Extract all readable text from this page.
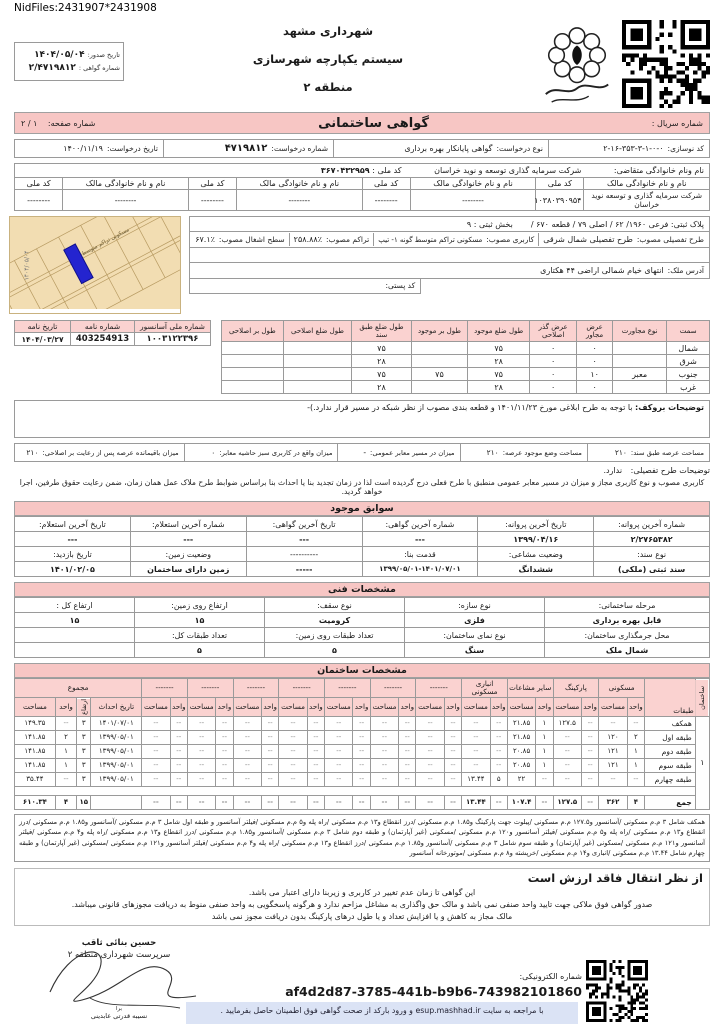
NidFiles:2431907*2431908
شهرداری مشهد
سیستم یکپارچه شهرسازی
منطقه ۲
تاریخ صدور:
۱۴۰۴/۰۵/۰۴
شماره گواهی :
۲/۴۷۱۹۸۱۲
شماره سریال :
گواهی ساختمانی
شماره صفحه: ۱ / ۲
کد نوسازی:
۲-۱۶-۳۵۳-۳-۱-۰-۰
نوع درخواست:
گواهی پایانکار بهره برداری
شماره درخواست:
۴۷۱۹۸۱۲
تاریخ درخواست:
۱۴۰۰/۱۱/۱۹
نام ونام خانوادگی متقاضی: شرکت سرمایه گذاری توسعه و نوید خراسان کد ملی : ۳۶۷۰۴۳۲۹۵۹							
نام و نام خانوادگی مالک	کد ملی	نام و نام خانوادگی مالک	کد ملی	نام و نام خانوادگی مالک	کد ملی	نام و نام خانوادگی مالک	کد ملی
شرکت سرمایه گذاری و توسعه نوید خراسان	۱۰۳۸۰۳۹۰۹۵۴	--------	--------	--------	--------	--------	--------
۱۴۰۴/۰۵/۰۴
پلاک ثبتی: فرعی ۱۹۶۰/ ۶۲ / اصلی ۷۹ / قطعه ۶۷۰ /
بخش ثبتی : ۹
طرح تفصیلی مصوب:
طرح تفصیلی شمال شرقی
کاربری مصوب:
مسکونی تراکم متوسط گونه ۱- تیپ
تراکم مصوب:
۲۵۸.۸۸٪
سطح اشغال مصوب:
۶۷.۱٪
آدرس ملک:
انتهای خیام شمالی اراضی ۴۴ هکتاری
کد پستی:
مسکونی تراکم متوسط
سمت	نوع مجاورت	عرض مجاور	عرض گذر اصلاحی	طول ضلع موجود	طول بر موجود	طول ضلع طبق سند	طول ضلع اصلاحی	طول بر اصلاحی
شمال		۰	۰	۷۵		۷۵		
شرق		۰	۰	۲۸		۲۸		
جنوب	معبر	۱۰	۰	۷۵	۷۵	۷۵		
غرب		۰	۰	۲۸		۲۸		
شماره ملی آسانسور	شماره نامه	تاریخ نامه
۱۰۰۳۱۲۲۳۹۶	403254913	۱۴۰۴/۰۳/۲۷
توضیحات بروکف: با توجه به طرح ابلاغی مورخ ۱۴۰۱/۱۱/۲۳ و قطعه بندی مصوب از نظر شبکه در مسیر قرار ندارد.)-
مساحت عرصه طبق سند:
۲۱۰
مساحت وضع موجود عرصه:
۲۱۰
میزان در مسیر معابر عمومی:
-
میزان واقع در کاربری سبز حاشیه معابر:
۰
میزان باقیمانده عرصه پس از رعایت بر اصلاحی:
۲۱۰
توضیحات طرح تفصیلی: ندارد.
کاربری مصوب و نوع کاربری مجاز و میزان در مسیر معابر عمومی منطبق با طرح فعلی درج گردیده است لذا در زمان تجدید بنا یا احداث بنا براساس ضوابط طرح ملاک عمل همان زمان، ضمن رعایت حقوق طرفین، اجرا خواهد گردید.
سوابق موجود
شماره آخرین پروانه:	تاریخ آخرین پروانه:	شماره آخرین گواهی:	تاریخ آخرین گواهی:	شماره آخرین استعلام:	تاریخ آخرین استعلام:
۲/۲۷۶۵۳۸۲	۱۳۹۹/۰۴/۱۶	---	---	---	---
نوع سند:	وضعیت مشاعی:	قدمت بنا:	----------	وضعیت زمین:	تاریخ بازدید:
سند ثبتی (ملکی)	ششدانگ	۱۳۹۹/۰۵/۰۱-۱۴۰۱/۰۷/۰۱	-----	زمین دارای ساختمان	۱۴۰۱/۰۲/۰۵
مشخصات فنی
مرحله ساختمانی:	نوع سازه:	نوع سقف:	ارتفاع روی زمین:	ارتفاع کل :
قابل بهره برداری	فلزی	کرومیت	۱۵	۱۵
محل جرمگذاری ساختمان:	نوع نمای ساختمان:	تعداد طبقات روی زمین:	تعداد طبقات کل:	
شمال ملک	سنگ	۵	۵	
مشخصات ساختمان
ساختمان	طبقات	مسکونی		پارکینگ		سایر مشاعات		انباری مسکونی		-------		-------		-------		-------		-------		-------		-------		مجموع			
		واحد	مساحت	واحد	مساحت	واحد	مساحت	واحد	مساحت	واحد	مساحت	واحد	مساحت	واحد	مساحت	واحد	مساحت	واحد	مساحت	واحد	مساحت	واحد	مساحت	تاریخ احداث	ارتفاع	واحد	مساحت
۱	همکف	--	--	--	۱۲۷.۵	۱	۲۱.۸۵	--	--	--	--	--	--	--	--	--	--	--	--	--	--	--	--	۱۴۰۱/۰۷/۰۱	۳	--	۱۴۹.۳۵
	طبقه اول	۲	۱۲۰	--	--	۱	۲۱.۸۵	--	--	--	--	--	--	--	--	--	--	--	--	--	--	--	--	۱۳۹۹/۰۵/۰۱	۳	۲	۱۴۱.۸۵
	طبقه دوم	۱	۱۲۱	--	--	۱	۲۰.۸۵	--	--	--	--	--	--	--	--	--	--	--	--	--	--	--	--	۱۳۹۹/۰۵/۰۱	۳	۱	۱۴۱.۸۵
	طبقه سوم	۱	۱۲۱	--	--	۱	۲۰.۸۵	--	--	--	--	--	--	--	--	--	--	--	--	--	--	--	--	۱۳۹۹/۰۵/۰۱	۳	۱	۱۴۱.۸۵
	طبقه چهارم	--	--	--	--	--	۲۲	۵	۱۳.۴۴	--	--	--	--	--	--	--	--	--	--	--	--	--	--	۱۳۹۹/۰۵/۰۱	۳	--	۳۵.۴۴

	جمع	۴	۳۶۲	--	۱۲۷.۵	--	۱۰۷.۴	--	۱۳.۴۴	--	--	--	--	--	--	--	--	--	--	--	--	--	--		۱۵	۴	۶۱۰.۳۴
همکف شامل ۳ م.م مسکونی /آسانسور و۱۲۷.۵ م.م مسکونی /پیلوت جهت پارکینگ و۱.۸۵ م.م مسکونی /درز انقطاع و۱۳ م.م مسکونی /راه پله و۵ م.م مسکونی /فیلتر آسانسور و طبقه اول شامل ۳ م.م مسکونی /آسانسور و۱.۸۵ م.م مسکونی /درز انقطاع و۱۳ م.م مسکونی /راه پله و۵ م.م مسکونی /فیلتر آسانسور و۱۲۰ م.م مسکونی /مسکونی (غیر آپارتمان) و طبقه دوم شامل ۳ م.م مسکونی /آسانسور و۱.۸۵ م.م مسکونی /درز انقطاع و۱۳ م.م مسکونی /راه پله و۴ م.م مسکونی /فیلتر آسانسور و۱۲۱ م.م مسکونی /مسکونی (غیر آپارتمان) و طبقه سوم شامل ۳ م.م مسکونی /آسانسور و۱.۸۵ م.م مسکونی /درز انقطاع و۱۳ م.م مسکونی /راه پله و۴ م.م مسکونی /فیلتر آسانسور و۱۲۱ م.م مسکونی /مسکونی (غیر آپارتمان) و طبقه چهارم شامل ۱۳.۴۴ م.م مسکونی /انباری و۱۴ م.م مسکونی /خرپشته و۸ م.م مسکونی /موتورخانه آسانسور
از نظر انتقال فاقد ارزش است
این گواهی تا زمان عدم تغییر در کاربری و زیربنا دارای اعتبار می باشد.
صدور گواهی فوق ملاکی جهت تایید واحد صنفی نمی باشد و مالک حق واگذاری به مشاغل مزاحم ندارد و هرگونه پاسخگویی به واحد صنفی منوط به دریافت مجوزهای قانونی میباشد.
مالک مجاز به کاهش و یا افزایش تعداد و یا طول درهای پارکینگ بدون دریافت مجوز نمی باشد
حسین بنائی ثاقب
سرپرست شهرداری منطقه ۲
برا
نسیبه قدرتی عابدینی
شماره الکترونیکی:
af4d2d87-3785-441b-b9b6-743982101860
با مراجعه به سایت esup.mashhad.ir و ورود بارکد از صحت گواهی فوق اطمینان حاصل بفرمایید .
